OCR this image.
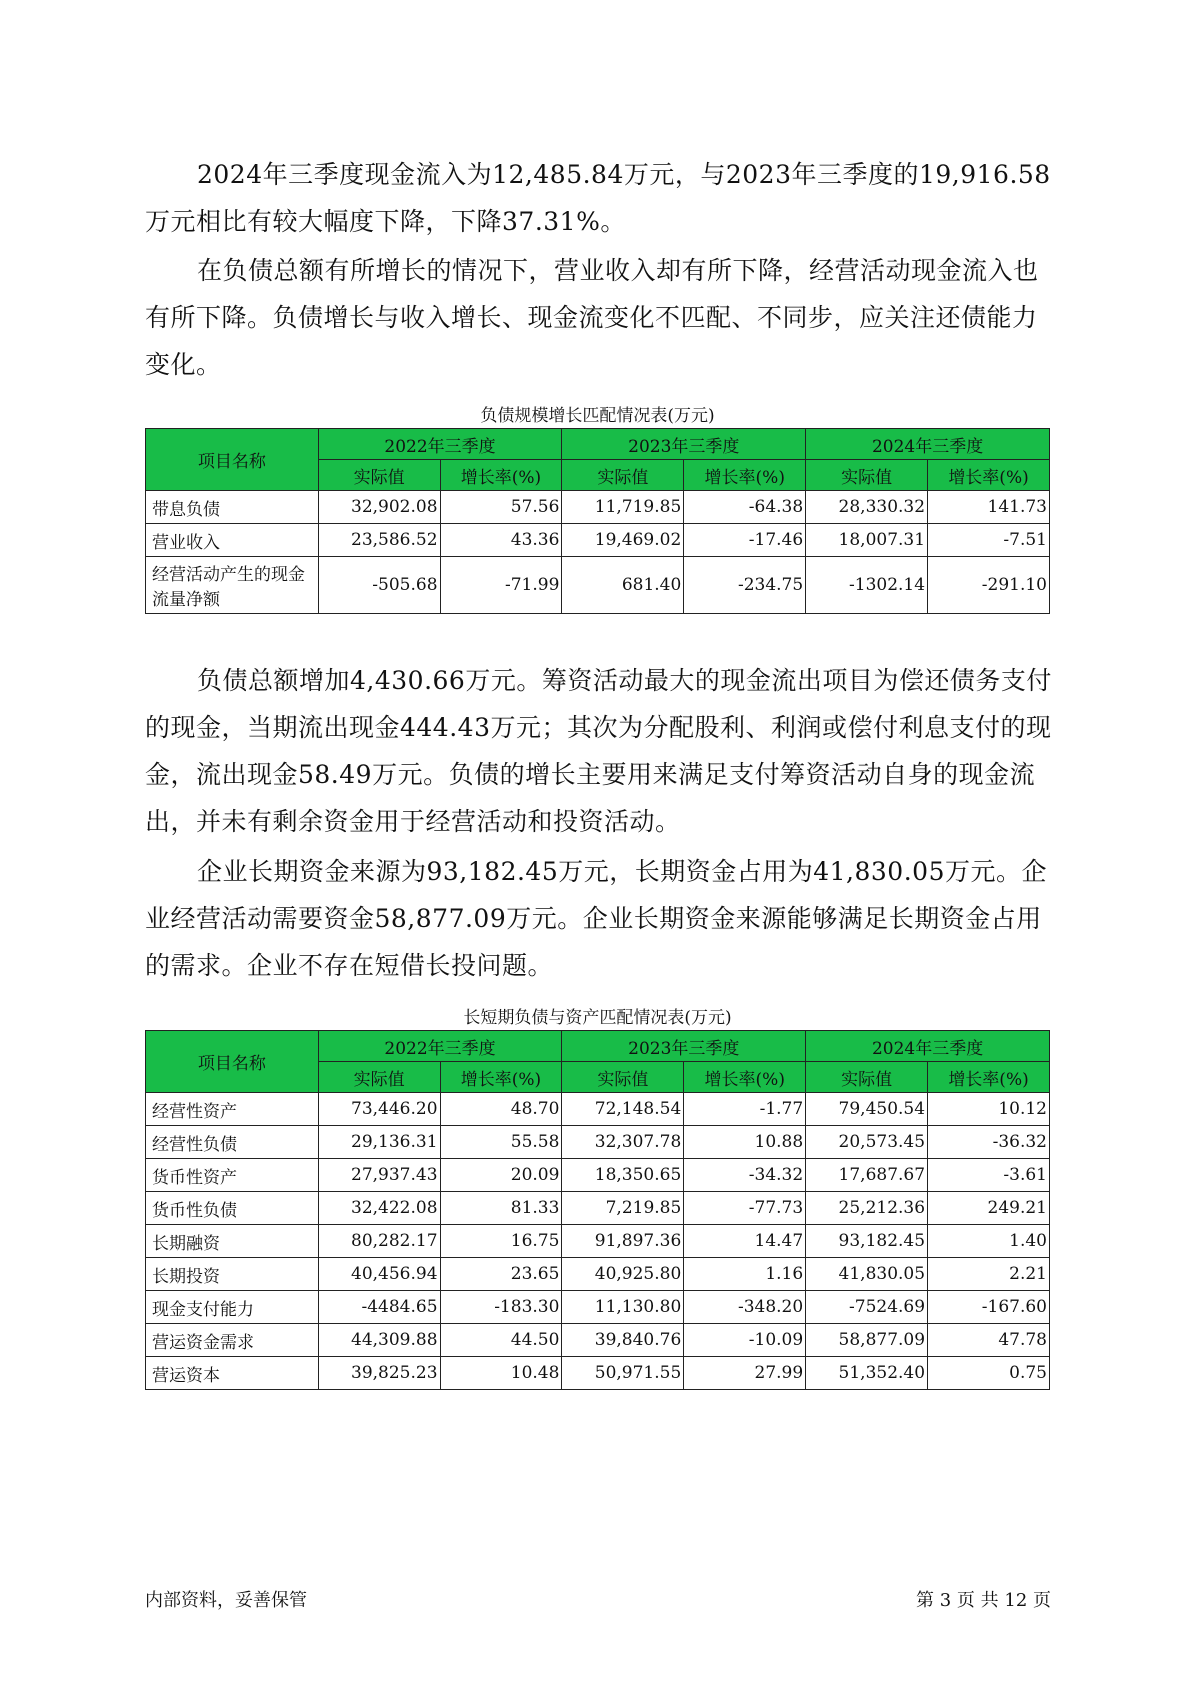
2024年三季度现金流入为12,485.84万元，与2023年三季度的19,916.58万元相比有较大幅度下降，下降37.31%。

在负债总额有所增长的情况下，营业收入却有所下降，经营活动现金流入也有所下降。负债增长与收入增长、现金流变化不匹配、不同步，应关注还债能力变化。

负债规模增长匹配情况表(万元)

项目名称	2022年三季度		2023年三季度		2024年三季度	
	实际值	增长率(%)	实际值	增长率(%)	实际值	增长率(%)
带息负债	32,902.08	57.56	11,719.85	-64.38	28,330.32	141.73
营业收入	23,586.52	43.36	19,469.02	-17.46	18,007.31	-7.51
经营活动产生的现金流量净额	-505.68	-71.99	681.40	-234.75	-1302.14	-291.10

负债总额增加4,430.66万元。筹资活动最大的现金流出项目为偿还债务支付的现金，当期流出现金444.43万元；其次为分配股利、利润或偿付利息支付的现金，流出现金58.49万元。负债的增长主要用来满足支付筹资活动自身的现金流出，并未有剩余资金用于经营活动和投资活动。

企业长期资金来源为93,182.45万元，长期资金占用为41,830.05万元。企业经营活动需要资金58,877.09万元。企业长期资金来源能够满足长期资金占用的需求。企业不存在短借长投问题。

长短期负债与资产匹配情况表(万元)

项目名称	2022年三季度		2023年三季度		2024年三季度	
	实际值	增长率(%)	实际值	增长率(%)	实际值	增长率(%)
经营性资产	73,446.20	48.70	72,148.54	-1.77	79,450.54	10.12
经营性负债	29,136.31	55.58	32,307.78	10.88	20,573.45	-36.32
货币性资产	27,937.43	20.09	18,350.65	-34.32	17,687.67	-3.61
货币性负债	32,422.08	81.33	7,219.85	-77.73	25,212.36	249.21
长期融资	80,282.17	16.75	91,897.36	14.47	93,182.45	1.40
长期投资	40,456.94	23.65	40,925.80	1.16	41,830.05	2.21
现金支付能力	-4484.65	-183.30	11,130.80	-348.20	-7524.69	-167.60
营运资金需求	44,309.88	44.50	39,840.76	-10.09	58,877.09	47.78
营运资本	39,825.23	10.48	50,971.55	27.99	51,352.40	0.75

内部资料，妥善保管	第 3 页 共 12 页
